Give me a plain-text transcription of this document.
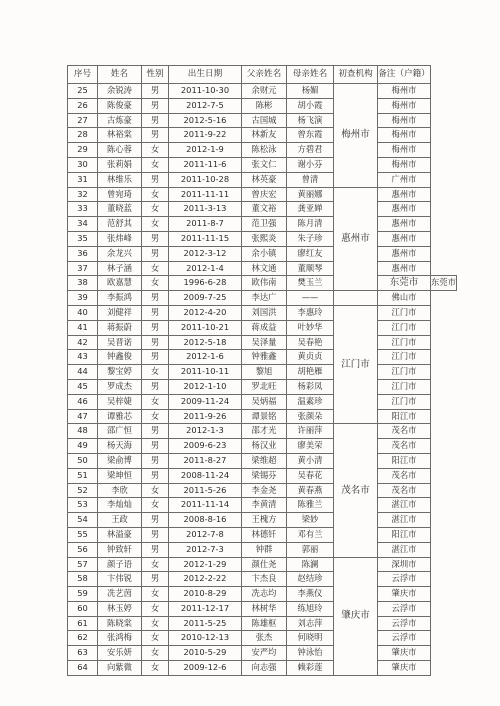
序号	姓名	性别	出生日期	父亲姓名	母亲姓名	初查机构	备注（户籍）	
25	余锐涛	男	2011-10-30	余财元	杨媚	梅州市	梅州市	
26	陈俊豪	男	2012-7-5	陈彬	胡小霞		梅州市	
27	古炼豪	男	2012-5-16	古国城	杨飞演		梅州市	
28	林裕棠	男	2011-9-22	林新友	曾东霞		梅州市	
29	陈心蓉	女	2012-1-9	陈松泳	方碧君		梅州市	
30	张莉娟	女	2011-11-6	张文仁	谢小芬		梅州市	
31	林维乐	男	2011-10-28	林英豪	曾清		广州市	
32	曾宛琦	女	2011-11-11	曾庆宏	黄丽娜	惠州市	惠州市	
33	董晓蓝	女	2011-3-13	董文裕	龚亚婵		惠州市	
34	范舒其	女	2011-8-7	范卫强	陈月清		惠州市	
35	张炜峰	男	2011-11-15	张熙炎	朱子珍		惠州市	
36	余龙兴	男	2012-3-12	余小镇	廖红友		惠州市	
37	林子涵	女	2012-1-4	林文通	董顺琴		惠州市	
38	欧嘉慧	女	1996-6-28	欧伟南	樊玉兰		东莞市	东莞市
39	李振鸿	男	2009-7-25	李达广	——		佛山市	
40	刘健祥	男	2012-4-20	刘国洪	李惠玲	江门市	江门市	
41	蒋振蔚	男	2011-10-21	蒋成益	叶妙华		江门市	
42	吴晋诺	男	2012-5-18	吴泽量	吴春艳		江门市	
43	钟鑫俊	男	2012-1-6	钟雅鑫	黄贞贞		江门市	
44	黎宝婷	女	2011-10-11	黎旭	胡艳雁		江门市	
45	罗成杰	男	2012-1-10	罗北旺	杨彩凤		江门市	
46	吴梓婕	女	2009-11-24	吴炳福	温素珍		江门市	
47	谭雅芯	女	2011-9-26	谭景铭	张颜朵		阳江市	
48	邵广恒	男	2012-1-3	邵才光	许丽萍	茂名市	茂名市	
49	杨天海	男	2009-6-23	杨汉业	廖美荣		茂名市	
50	梁俞博	男	2011-8-27	梁维超	黄小清		阳江市	
51	梁坤恒	男	2008-11-24	梁锡芬	吴春花		茂名市	
52	李欣	女	2011-5-26	李金尧	黄春燕		茂名市	
53	李灿灿	女	2011-11-14	李黄清	陈雅兰		湛江市	
54	王政	男	2008-8-16	王槐方	梁妙		湛江市	
55	林溢豪	男	2012-7-8	林德钎	邓有兰		阳江市	
56	钟致轩	男	2012-7-3	钟群	郭丽		湛江市	
57	颜子语	女	2012-1-29	颜仕尧	陈澜	肇庆市	深圳市	
58	卞伟锐	男	2012-2-22	卞杰良	赵结珍		云浮市	
59	冼艺茵	女	2010-8-29	冼志均	李燕仪		肇庆市	
60	林玉婷	女	2011-12-17	林树华	练旭玲		云浮市	
61	陈晓棠	女	2011-5-25	陈雄枢	刘志萍		云浮市	
62	张鸿梅	女	2010-12-13	张杰	何晓明		云浮市	
63	安乐妍	女	2010-5-29	安严均	钟泳怡		肇庆市	
64	向紫微	女	2009-12-6	向志强	赖彩莲		肇庆市	
